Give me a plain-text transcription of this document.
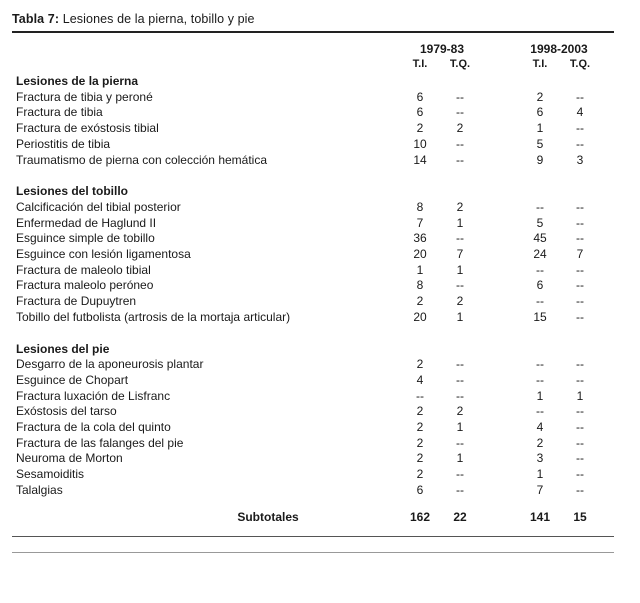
Tabla 7: Lesiones de la pierna, tobillo y pie
1979-83	1998-2003
T.I.	T.Q.	T.I.	T.Q.
Lesiones de la pierna					
Fractura de tibia y peroné	6	--		2	--
Fractura de tibia	6	--		6	4
Fractura de exóstosis tibial	2	2		1	--
Periostitis de tibia	10	--		5	--
Traumatismo de pierna con colección hemática	14	--		9	3

Lesiones del tobillo					
Calcificación del tibial posterior	8	2		--	--
Enfermedad de Haglund II	7	1		5	--
Esguince simple de tobillo	36	--		45	--
Esguince con lesión ligamentosa	20	7		24	7
Fractura de maleolo tibial	1	1		--	--
Fractura maleolo peróneo	8	--		6	--
Fractura de Dupuytren	2	2		--	--
Tobillo del futbolista (artrosis de la mortaja articular)	20	1		15	--

Lesiones del pie					
Desgarro de la aponeurosis plantar	2	--		--	--
Esguince de Chopart	4	--		--	--
Fractura luxación de Lisfranc	--	--		1	1
Exóstosis del tarso	2	2		--	--
Fractura de la cola del quinto	2	1		4	--
Fractura de las falanges del pie	2	--		2	--
Neuroma de Morton	2	1		3	--
Sesamoiditis	2	--		1	--
Talalgias	6	--		7	--
Subtotales	162	22	141	15
